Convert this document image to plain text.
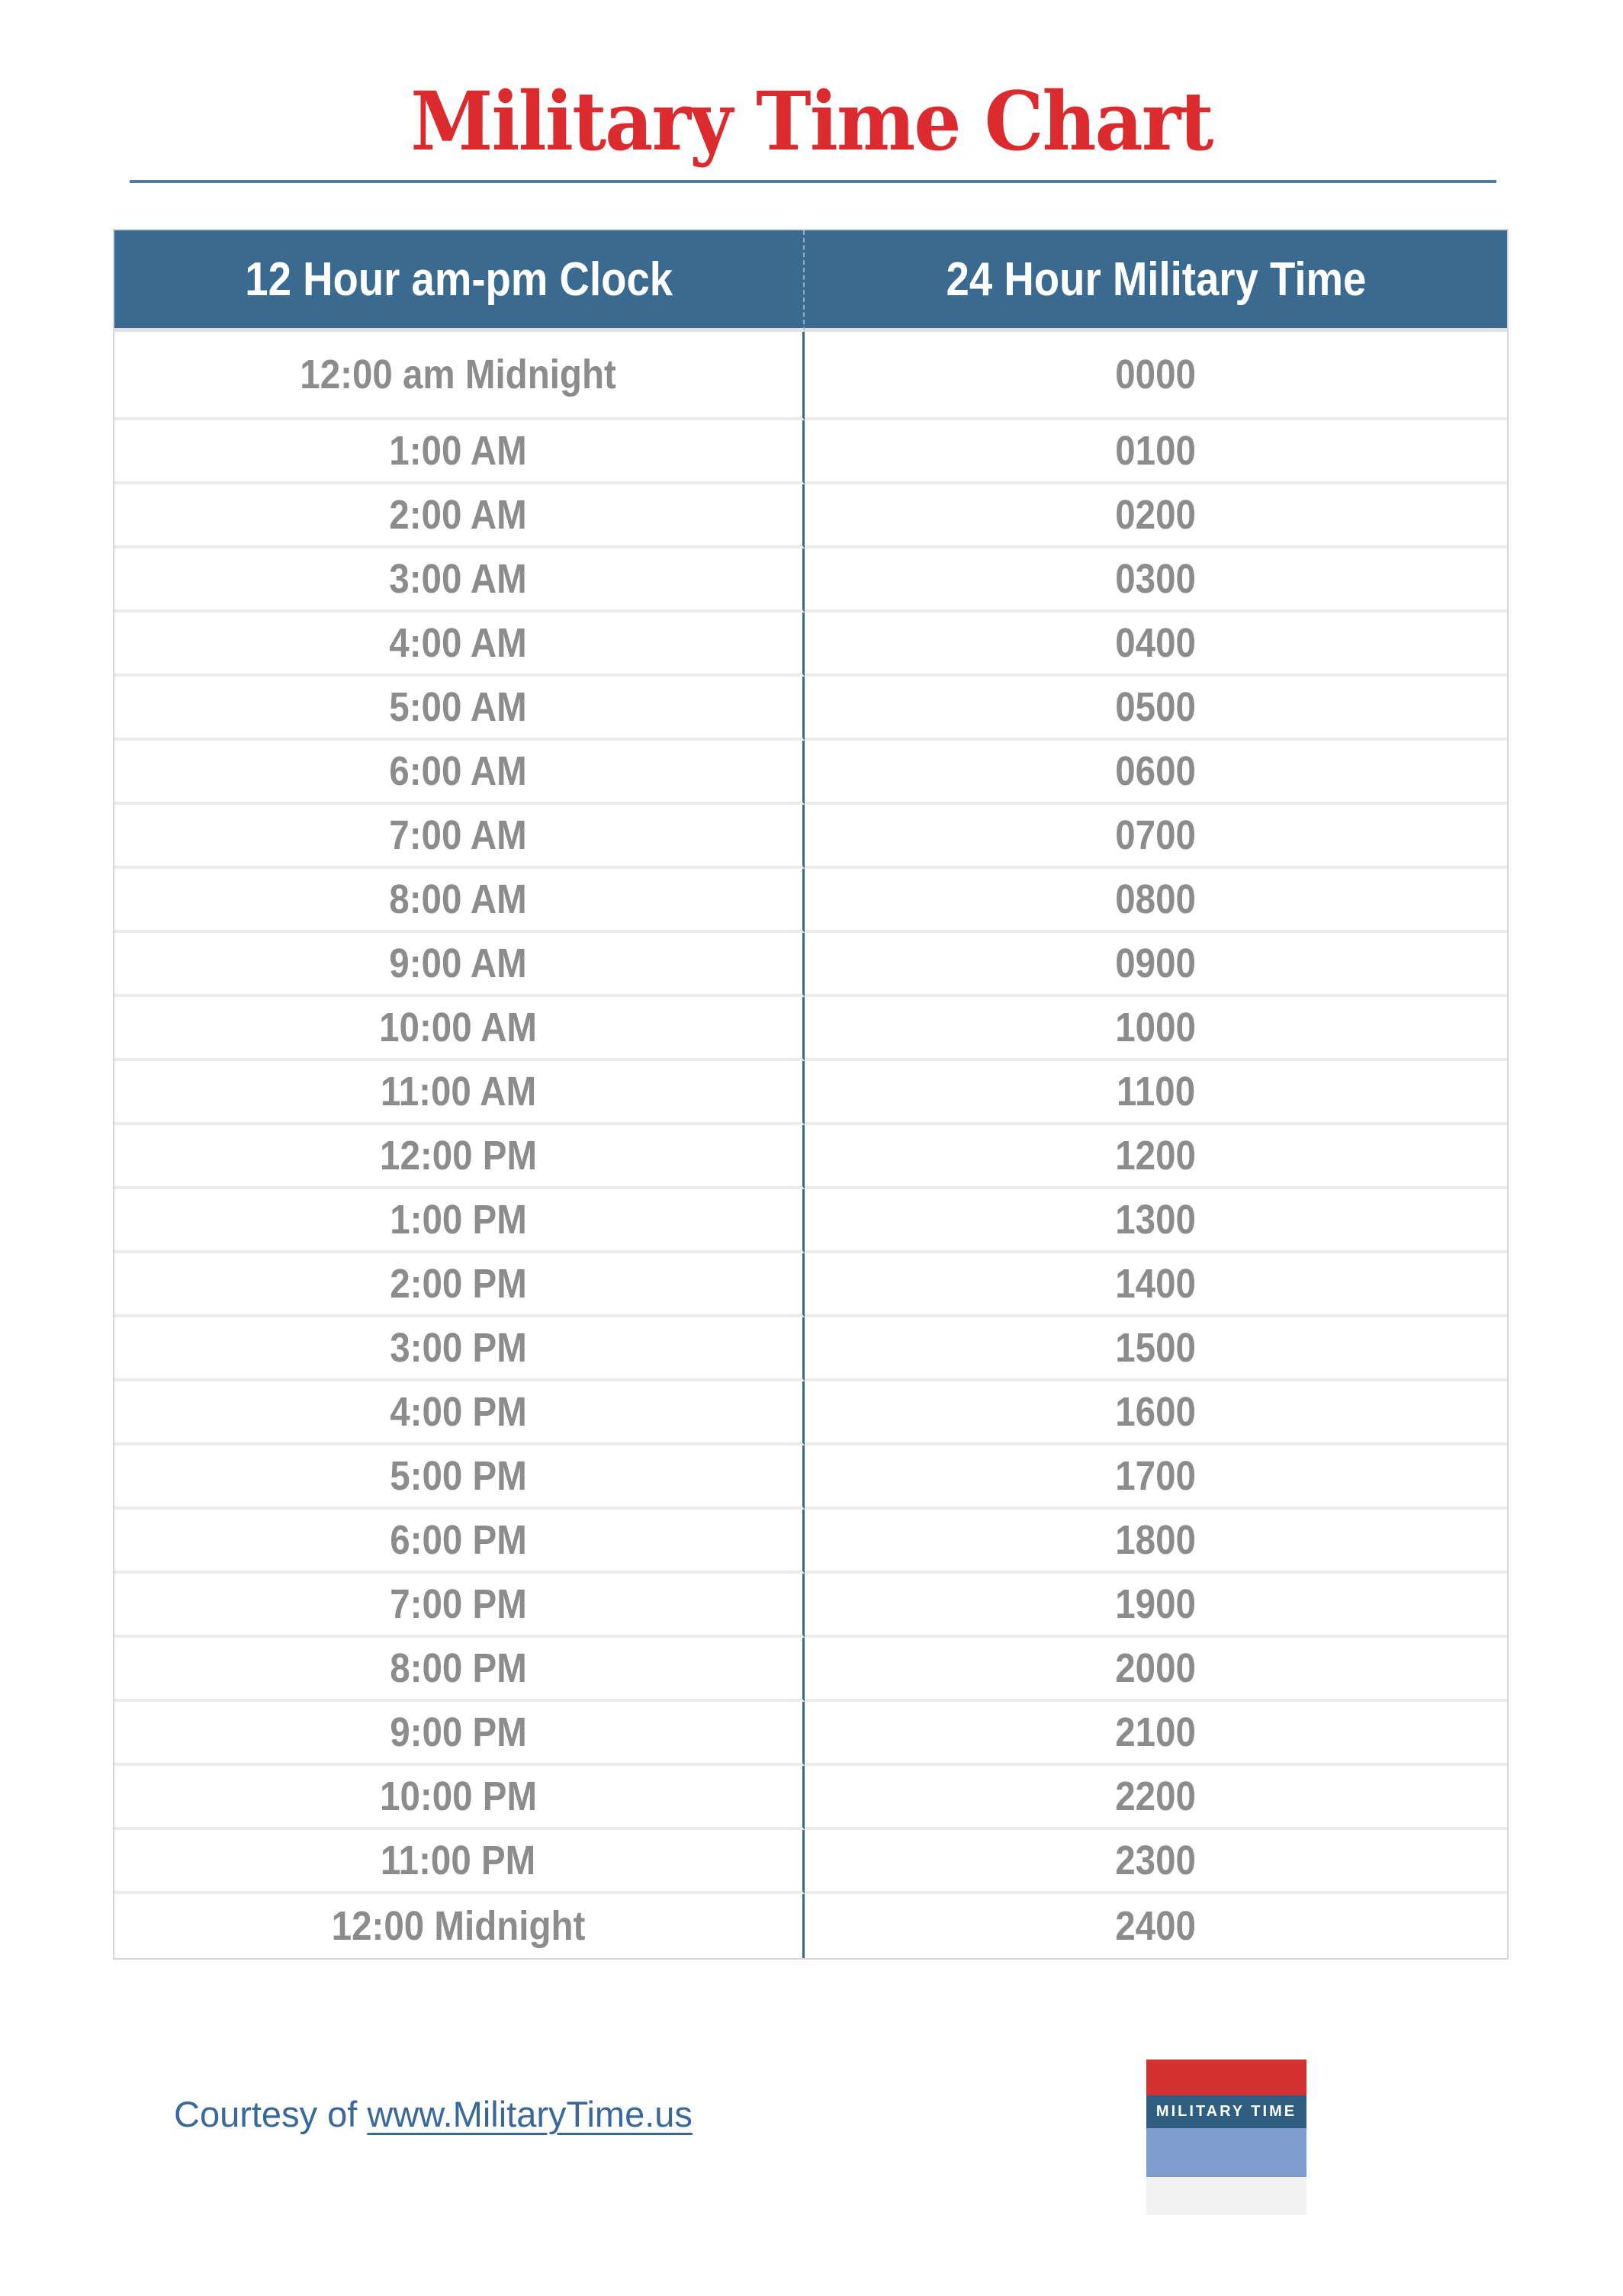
Military Time Chart
12 Hour am-pm Clock	24 Hour Military Time
12:00 am Midnight	0000
1:00 AM	0100
2:00 AM	0200
3:00 AM	0300
4:00 AM	0400
5:00 AM	0500
6:00 AM	0600
7:00 AM	0700
8:00 AM	0800
9:00 AM	0900
10:00 AM	1000
11:00 AM	1100
12:00 PM	1200
1:00 PM	1300
2:00 PM	1400
3:00 PM	1500
4:00 PM	1600
5:00 PM	1700
6:00 PM	1800
7:00 PM	1900
8:00 PM	2000
9:00 PM	2100
10:00 PM	2200
11:00 PM	2300
12:00 Midnight	2400
Courtesy of www.MilitaryTime.us	MILITARY TIME
